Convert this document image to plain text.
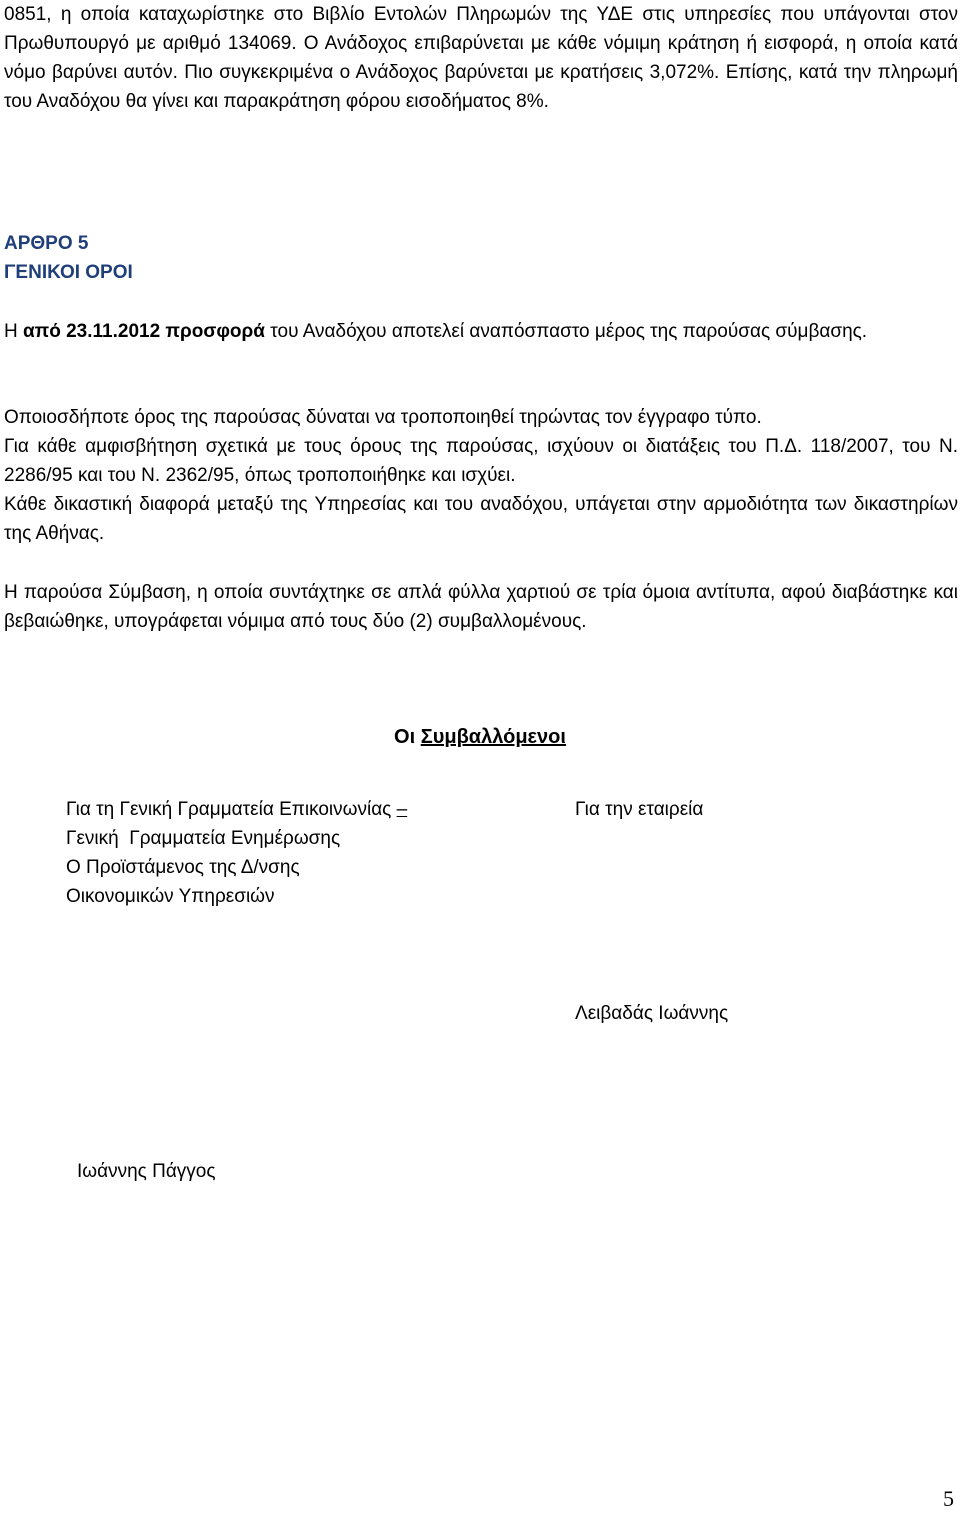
0851, η οποία καταχωρίστηκε στο Βιβλίο Εντολών Πληρωμών της ΥΔΕ στις υπηρεσίες που υπάγονται στον Πρωθυπουργό με αριθμό 134069. Ο Ανάδοχος επιβαρύνεται με κάθε νόμιμη κράτηση ή εισφορά, η οποία κατά νόμο βαρύνει αυτόν. Πιο συγκεκριμένα ο Ανάδοχος βαρύνεται με κρατήσεις 3,072%. Επίσης, κατά την πληρωμή του Αναδόχου θα γίνει και παρακράτηση φόρου εισοδήματος 8%.
ΑΡΘΡΟ 5
ΓΕΝΙΚΟΙ ΟΡΟΙ
Η από 23.11.2012 προσφορά του Αναδόχου αποτελεί αναπόσπαστο μέρος της παρούσας σύμβασης.
Οποιοσδήποτε όρος της παρούσας δύναται να τροποποιηθεί τηρώντας τον έγγραφο τύπο.
Για κάθε αμφισβήτηση σχετικά με τους όρους της παρούσας, ισχύουν οι διατάξεις του Π.Δ. 118/2007, του Ν. 2286/95 και του Ν. 2362/95, όπως τροποποιήθηκε και ισχύει.
Κάθε δικαστική διαφορά μεταξύ της Υπηρεσίας και του αναδόχου, υπάγεται στην αρμοδιότητα των δικαστηρίων της Αθήνας.
Η παρούσα Σύμβαση, η οποία συντάχτηκε σε απλά φύλλα χαρτιού σε τρία όμοια αντίτυπα, αφού διαβάστηκε και βεβαιώθηκε, υπογράφεται νόμιμα από τους δύο (2) συμβαλλομένους.
Οι Συμβαλλόμενοι
Για τη Γενική Γραμματεία Επικοινωνίας –
Γενική  Γραμματεία Ενημέρωσης
Ο Προϊστάμενος της Δ/νσης
Οικονομικών Υπηρεσιών
Για την εταιρεία
Λειβαδάς Ιωάννης
Ιωάννης Πάγγος
5
